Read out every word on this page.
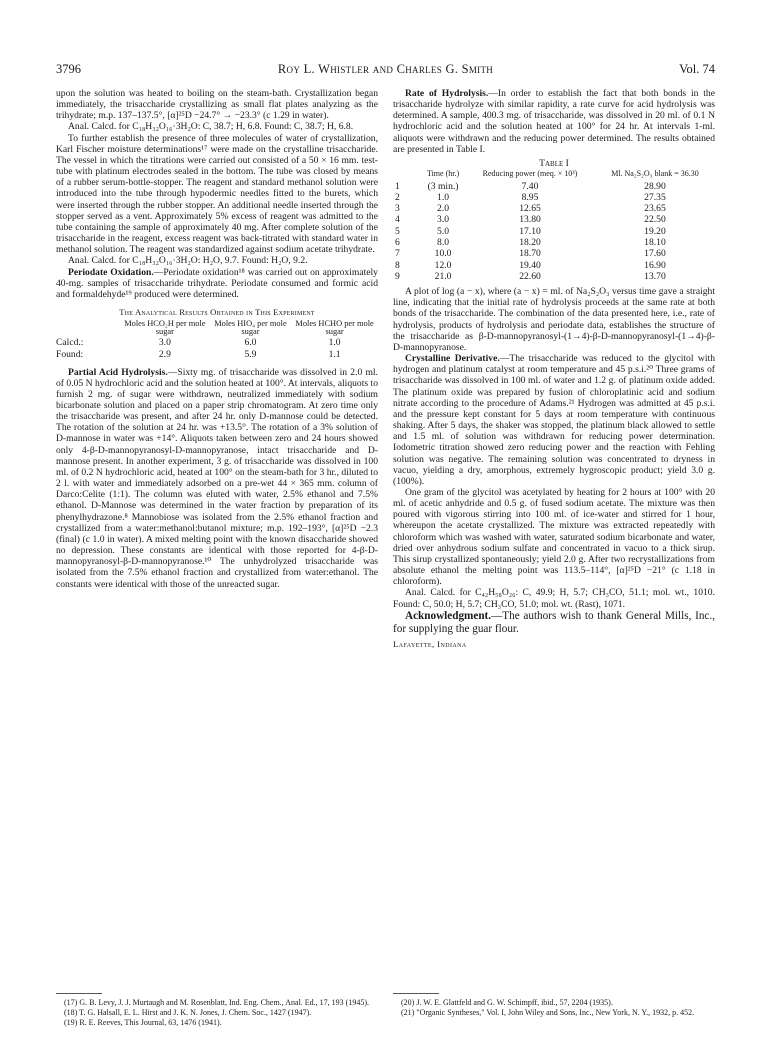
3796	Roy L. Whistler and Charles G. Smith	Vol. 74

upon the solution was heated to boiling on the steam-bath. Crystallization began immediately, the trisaccharide crystallizing as small flat plates analyzing as the trihydrate; m.p. 137–137.5°, [α]²⁵D −24.7° → −23.3° (c 1.29 in water).

Anal. Calcd. for C₁₈H₃₂O₁₆·3H₂O: C, 38.7; H, 6.8. Found: C, 38.7; H, 6.8.

To further establish the presence of three molecules of water of crystallization, Karl Fischer moisture determinations¹⁷ were made on the crystalline trisaccharide. The vessel in which the titrations were carried out consisted of a 50 × 16 mm. test-tube with platinum electrodes sealed in the bottom. The tube was closed by means of a rubber serum-bottle-stopper. The reagent and standard methanol solution were introduced into the tube through hypodermic needles fitted to the burets, which were inserted through the rubber stopper. An additional needle inserted through the stopper served as a vent. Approximately 5% excess of reagent was admitted to the tube containing the sample of approximately 40 mg. After complete solution of the trisaccharide in the reagent, excess reagent was back-titrated with standard water in methanol solution. The reagent was standardized against sodium acetate trihydrate.

Anal. Calcd. for C₁₈H₃₂O₁₆·3H₂O: H₂O, 9.7. Found: H₂O, 9.2.

Periodate Oxidation.—Periodate oxidation¹⁸ was carried out on approximately 40-mg. samples of trisaccharide trihydrate. Periodate consumed and formic acid and formaldehyde¹⁹ produced were determined.

The Analytical Results Obtained in This Experiment
	Moles HCO₂H per mole sugar	Moles HIO₄ per mole sugar	Moles HCHO per mole sugar
Calcd.:	3.0	6.0	1.0
Found:	2.9	5.9	1.1

Partial Acid Hydrolysis.—Sixty mg. of trisaccharide was dissolved in 2.0 ml. of 0.05 N hydrochloric acid and the solution heated at 100°. At intervals, aliquots to furnish 2 mg. of sugar were withdrawn, neutralized immediately with sodium bicarbonate solution and placed on a paper strip chromatogram. At zero time only the trisaccharide was present, and after 24 hr. only D-mannose could be detected. The rotation of the solution at 24 hr. was +13.5°. The rotation of a 3% solution of D-mannose in water was +14°. Aliquots taken between zero and 24 hours showed only 4-β-D-mannopyranosyl-D-mannopyranose, intact trisaccharide and D-mannose present. In another experiment, 3 g. of trisaccharide was dissolved in 100 ml. of 0.2 N hydrochloric acid, heated at 100° on the steam-bath for 3 hr., diluted to 2 l. with water and immediately adsorbed on a pre-wet 44 × 365 mm. column of Darco:Celite (1:1). The column was eluted with water, 2.5% ethanol and 7.5% ethanol. D-Mannose was determined in the water fraction by preparation of its phenylhydrazone.⁸ Mannobiose was isolated from the 2.5% ethanol fraction and crystallized from a water:methanol:butanol mixture; m.p. 192–193°, [α]²⁵D −2.3 (final) (c 1.0 in water). A mixed melting point with the known disaccharide showed no depression. These constants are identical with those reported for 4-β-D-mannopyranosyl-β-D-mannopyranose.¹⁰ The unhydrolyzed trisaccharide was isolated from the 7.5% ethanol fraction and crystallized from water:ethanol. The constants were identical with those of the unreacted sugar.

Rate of Hydrolysis.—In order to establish the fact that both bonds in the trisaccharide hydrolyze with similar rapidity, a rate curve for acid hydrolysis was determined. A sample, 400.3 mg. of trisaccharide, was dissolved in 20 ml. of 0.1 N hydrochloric acid and the solution heated at 100° for 24 hr. At intervals 1-ml. aliquots were withdrawn and the reducing power determined. The results obtained are presented in Table I.

Table I
	Time (hr.)	Reducing power (meq. × 10³)	Ml. Na₂S₂O₃ blank = 36.30
1	(3 min.)	7.40	28.90
2	1.0	8.95	27.35
3	2.0	12.65	23.65
4	3.0	13.80	22.50
5	5.0	17.10	19.20
6	8.0	18.20	18.10
7	10.0	18.70	17.60
8	12.0	19.40	16.90
9	21.0	22.60	13.70

A plot of log (a − x), where (a − x) = ml. of Na₂S₂O₃ versus time gave a straight line, indicating that the initial rate of hydrolysis proceeds at the same rate at both bonds of the trisaccharide. The combination of the data presented here, i.e., rate of hydrolysis, products of hydrolysis and periodate data, establishes the structure of the trisaccharide as β-D-mannopyranosyl-(1→4)-β-D-mannopyranosyl-(1→4)-β-D-mannopyranose.

Crystalline Derivative.—The trisaccharide was reduced to the glycitol with hydrogen and platinum catalyst at room temperature and 45 p.s.i.²⁰ Three grams of trisaccharide was dissolved in 100 ml. of water and 1.2 g. of platinum oxide added. The platinum oxide was prepared by fusion of chloroplatinic acid and sodium nitrate according to the procedure of Adams.²¹ Hydrogen was admitted at 45 p.s.i. and the pressure kept constant for 5 days at room temperature with continuous shaking. After 5 days, the shaker was stopped, the platinum black allowed to settle and 1.5 ml. of solution was withdrawn for reducing power determination. Iodometric titration showed zero reducing power and the reaction with Fehling solution was negative. The remaining solution was concentrated to dryness in vacuo, yielding a dry, amorphous, extremely hygroscopic product; yield 3.0 g. (100%).

One gram of the glycitol was acetylated by heating for 2 hours at 100° with 20 ml. of acetic anhydride and 0.5 g. of fused sodium acetate. The mixture was then poured with vigorous stirring into 100 ml. of ice-water and stirred for 1 hour, whereupon the acetate crystallized. The mixture was extracted repeatedly with chloroform which was washed with water, saturated sodium bicarbonate and water, dried over anhydrous sodium sulfate and concentrated in vacuo to a thick sirup. This sirup crystallized spontaneously; yield 2.0 g. After two recrystallizations from absolute ethanol the melting point was 113.5–114°, [α]²⁵D −21° (c 1.18 in chloroform).

Anal. Calcd. for C₄₂H₅₈O₂₆: C, 49.9; H, 5.7; CH₃CO, 51.1; mol. wt., 1010. Found: C, 50.0; H, 5.7; CH₃CO, 51.0; mol. wt. (Rast), 1071.

Acknowledgment.—The authors wish to thank General Mills, Inc., for supplying the guar flour.
Lafayette, Indiana
(17) G. B. Levy, J. J. Murtaugh and M. Rosenblatt, Ind. Eng. Chem., Anal. Ed., 17, 193 (1945).
(18) T. G. Halsall, E. L. Hirst and J. K. N. Jones, J. Chem. Soc., 1427 (1947).
(19) R. E. Reeves, This Journal, 63, 1476 (1941).
(20) J. W. E. Glattfeld and G. W. Schimpff, ibid., 57, 2204 (1935).
(21) "Organic Syntheses," Vol. I, John Wiley and Sons, Inc., New York, N. Y., 1932, p. 452.
